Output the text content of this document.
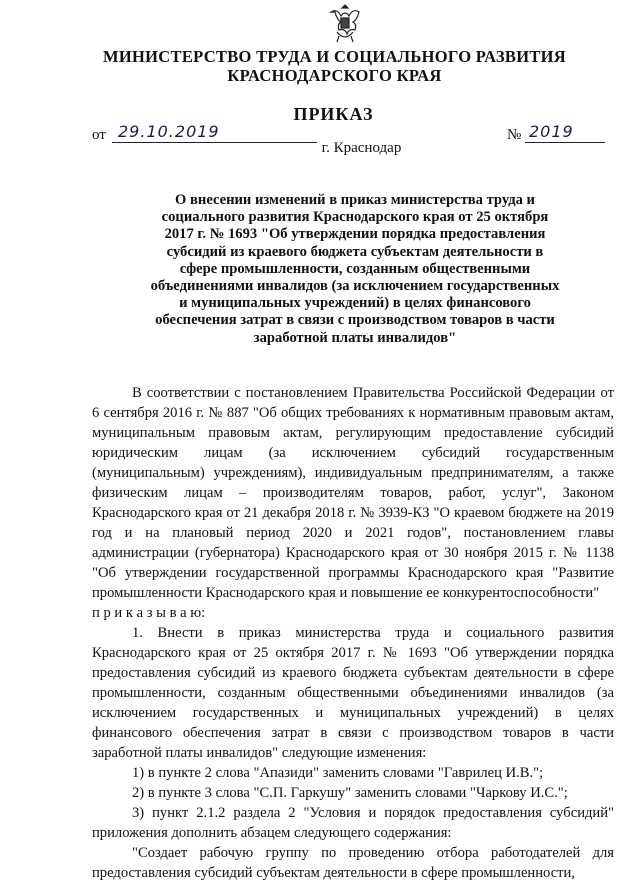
МИНИСТЕРСТВО ТРУДА И СОЦИАЛЬНОГО РАЗВИТИЯ
КРАСНОДАРСКОГО КРАЯ
ПРИКАЗ
от 29.10.2019	№ 2019
г. Краснодар
О внесении изменений в приказ министерства труда и социального развития Краснодарского края от 25 октября 2017 г. № 1693 "Об утверждении порядка предоставления субсидий из краевого бюджета субъектам деятельности в сфере промышленности, созданным общественными объединениями инвалидов (за исключением государственных и муниципальных учреждений) в целях финансового обеспечения затрат в связи с производством товаров в части заработной платы инвалидов"

В соответствии с постановлением Правительства Российской Федерации от 6 сентября 2016 г. № 887 "Об общих требованиях к нормативным правовым актам, муниципальным правовым актам, регулирующим предоставление субсидий юридическим лицам (за исключением субсидий государственным (муниципальным) учреждениям), индивидуальным предпринимателям, а также физическим лицам – производителям товаров, работ, услуг", Законом Краснодарского края от 21 декабря 2018 г. № 3939-КЗ "О краевом бюджете на 2019 год и на плановый период 2020 и 2021 годов", постановлением главы администрации (губернатора) Краснодарского края от 30 ноября 2015 г. № 1138 "Об утверждении государственной программы Краснодарского края "Развитие промышленности Краснодарского края и повышение ее конкурентоспособности"

п р и к а з ы в а ю:

1. Внести в приказ министерства труда и социального развития Краснодарского края от 25 октября 2017 г. № 1693 "Об утверждении порядка предоставления субсидий из краевого бюджета субъектам деятельности в сфере промышленности, созданным общественными объединениями инвалидов (за исключением государственных и муниципальных учреждений) в целях финансового обеспечения затрат в связи с производством товаров в части заработной платы инвалидов" следующие изменения:

1) в пункте 2 слова "Апазиди" заменить словами "Гаврилец И.В.";

2) в пункте 3 слова "С.П. Гаркушу" заменить словами "Чаркову И.С.";

3) пункт 2.1.2 раздела 2 "Условия и порядок предоставления субсидий" приложения дополнить абзацем следующего содержания:

"Создает рабочую группу по проведению отбора работодателей для предоставления субсидий субъектам деятельности в сфере промышленности,
